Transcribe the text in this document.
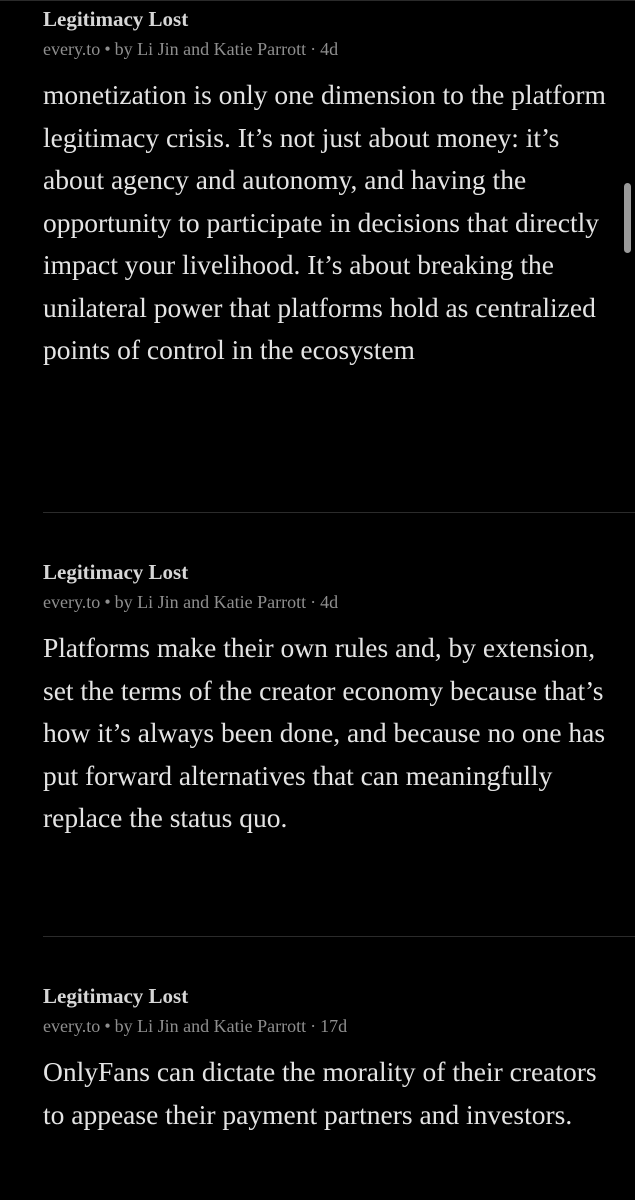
Legitimacy Lost
every.to • by Li Jin and Katie Parrott · 4d
monetization is only one dimension to the platform legitimacy crisis. It’s not just about money: it’s about agency and autonomy, and having the opportunity to participate in decisions that directly impact your livelihood. It’s about breaking the unilateral power that platforms hold as centralized points of control in the ecosystem
Legitimacy Lost
every.to • by Li Jin and Katie Parrott · 4d
Platforms make their own rules and, by extension, set the terms of the creator economy because that’s how it’s always been done, and because no one has put forward alternatives that can meaningfully replace the status quo.
Legitimacy Lost
every.to • by Li Jin and Katie Parrott · 17d
OnlyFans can dictate the morality of their creators to appease their payment partners and investors.
